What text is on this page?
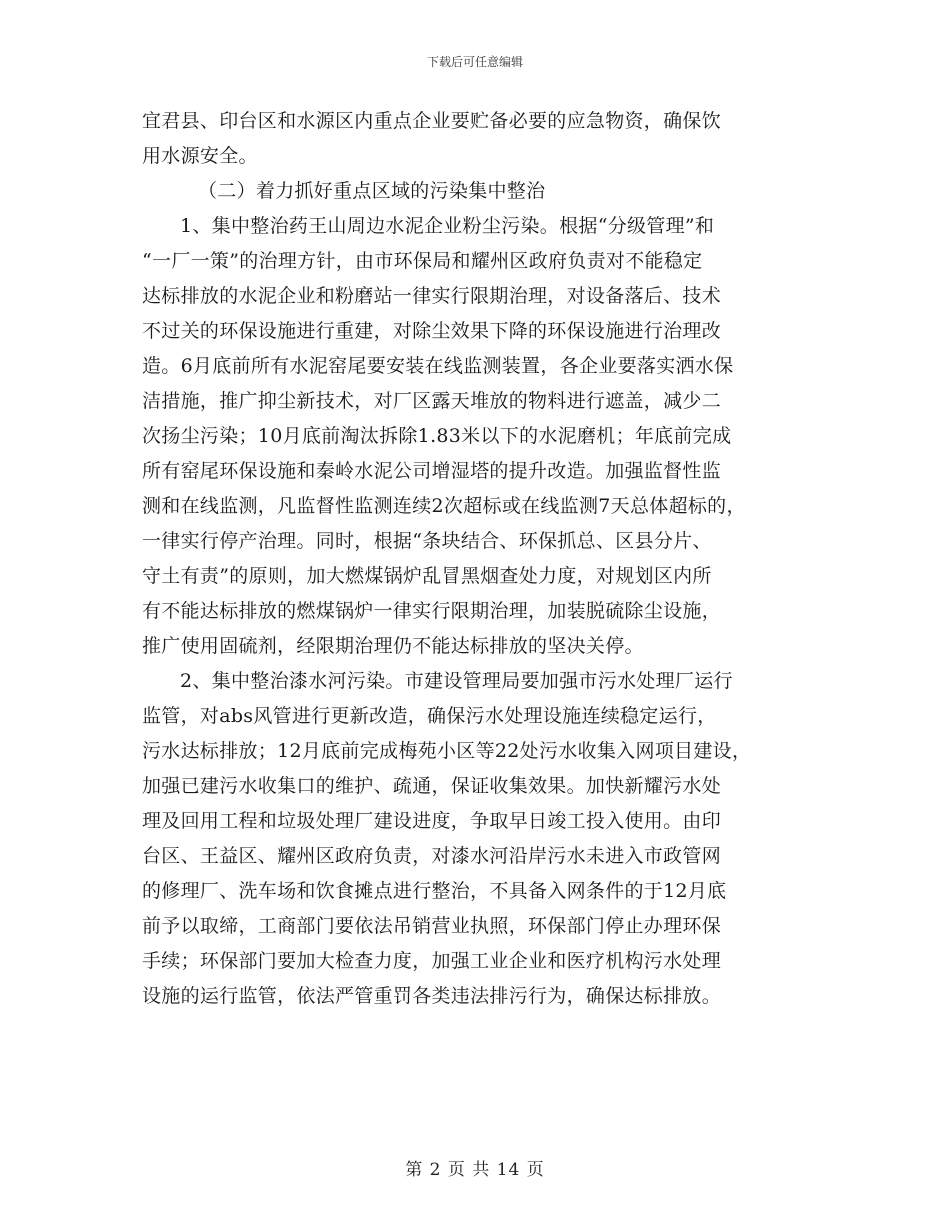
下载后可任意编辑
宜君县、印台区和水源区内重点企业要贮备必要的应急物资，确保饮
用水源安全。
（二）着力抓好重点区域的污染集中整治
1、集中整治药王山周边水泥企业粉尘污染。根据“分级管理”和
“一厂一策”的治理方针，由市环保局和耀州区政府负责对不能稳定
达标排放的水泥企业和粉磨站一律实行限期治理，对设备落后、技术
不过关的环保设施进行重建，对除尘效果下降的环保设施进行治理改
造。6月底前所有水泥窑尾要安装在线监测装置，各企业要落实洒水保
洁措施，推广抑尘新技术，对厂区露天堆放的物料进行遮盖，减少二
次扬尘污染；10月底前淘汰拆除1.83米以下的水泥磨机；年底前完成
所有窑尾环保设施和秦岭水泥公司增湿塔的提升改造。加强监督性监
测和在线监测，凡监督性监测连续2次超标或在线监测7天总体超标的，
一律实行停产治理。同时，根据“条块结合、环保抓总、区县分片、
守土有责”的原则，加大燃煤锅炉乱冒黑烟查处力度，对规划区内所
有不能达标排放的燃煤锅炉一律实行限期治理，加装脱硫除尘设施，
推广使用固硫剂，经限期治理仍不能达标排放的坚决关停。
2、集中整治漆水河污染。市建设管理局要加强市污水处理厂运行
监管，对abs风管进行更新改造，确保污水处理设施连续稳定运行，
污水达标排放；12月底前完成梅苑小区等22处污水收集入网项目建设，
加强已建污水收集口的维护、疏通，保证收集效果。加快新耀污水处
理及回用工程和垃圾处理厂建设进度，争取早日竣工投入使用。由印
台区、王益区、耀州区政府负责，对漆水河沿岸污水未进入市政管网
的修理厂、洗车场和饮食摊点进行整治，不具备入网条件的于12月底
前予以取缔，工商部门要依法吊销营业执照，环保部门停止办理环保
手续；环保部门要加大检查力度，加强工业企业和医疗机构污水处理
设施的运行监管，依法严管重罚各类违法排污行为，确保达标排放。
第 2 页 共 14 页
